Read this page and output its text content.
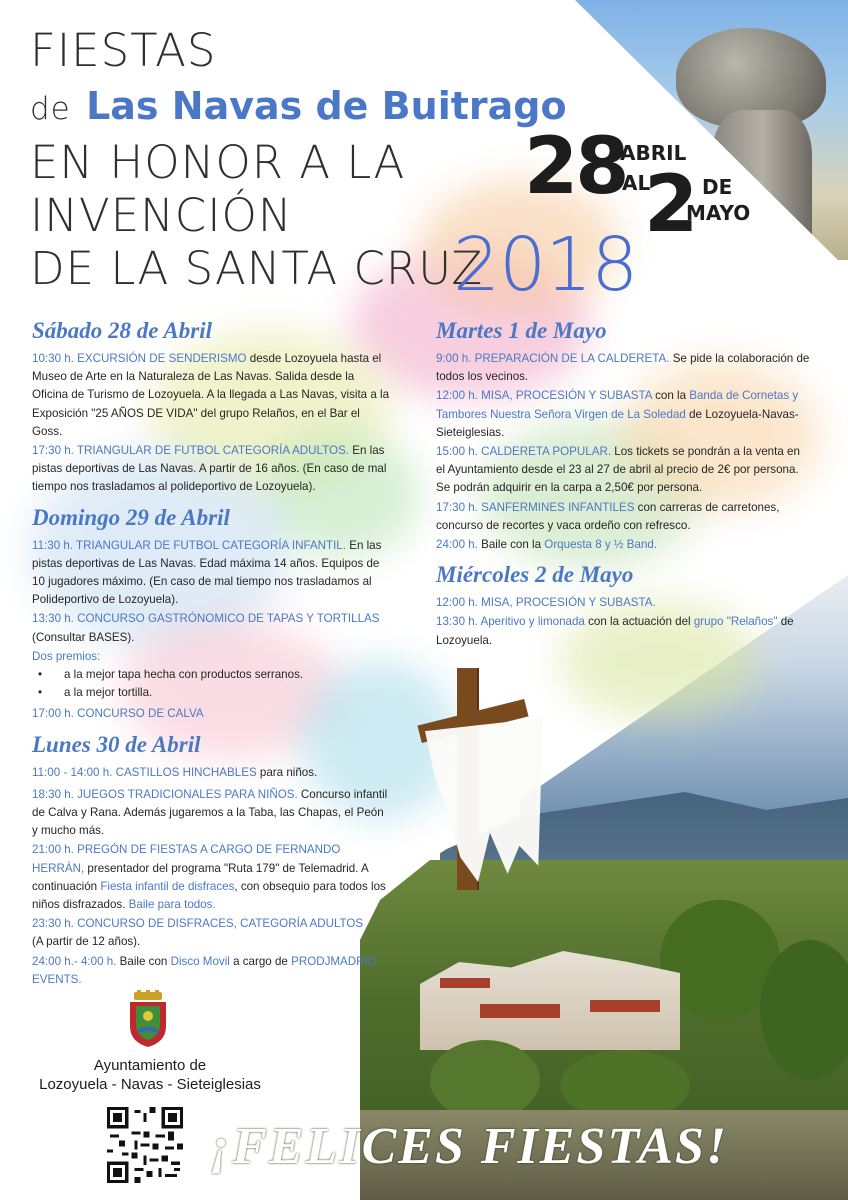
FIESTAS
de Las Navas de Buitrago
EN HONOR A LA
INVENCIÓN
DE LA SANTA CRUZ
2018
28
ABRIL
AL
2 DE
MAYO
Sábado 28 de Abril
10:30 h. EXCURSIÓN DE SENDERISMO desde Lozoyuela hasta el Museo de Arte en la Naturaleza de Las Navas. Salida desde la Oficina de Turismo de Lozoyuela. A la llegada a Las Navas, visita a la Exposición "25 AÑOS DE VIDA" del grupo Relaños, en el Bar el Goss.
17:30 h. TRIANGULAR DE FUTBOL CATEGORÍA ADULTOS. En las pistas deportivas de Las Navas. A partir de 16 años. (En caso de mal tiempo nos trasladamos al polideportivo de Lozoyuela).
Domingo 29 de Abril
11:30 h. TRIANGULAR DE FUTBOL CATEGORÍA INFANTIL. En las pistas deportivas de Las Navas. Edad máxima 14 años. Equipos de 10 jugadores máximo. (En caso de mal tiempo nos trasladamos al Polideportivo de Lozoyuela).
13:30 h. CONCURSO GASTRÓNOMICO DE TAPAS Y TORTILLAS
(Consultar BASES).
Dos premios:
•	a la mejor tapa hecha con productos serranos.
•	a la mejor tortilla.
17:00 h. CONCURSO DE CALVA
Lunes 30 de Abril
11:00 - 14:00 h. CASTILLOS HINCHABLES para niños.
18:30 h. JUEGOS TRADICIONALES PARA NIÑOS. Concurso infantil de Calva y Rana. Además jugaremos a la Taba, las Chapas, el Peón y mucho más.
21:00 h. PREGÓN DE FIESTAS A CARGO DE FERNANDO HERRÁN, presentador del programa "Ruta 179" de Telemadrid. A continuación Fiesta infantil de disfraces, con obsequio para todos los niños disfrazados. Baile para todos.
23:30 h. CONCURSO DE DISFRACES, CATEGORÍA ADULTOS
(A partir de 12 años).
24:00 h.- 4:00 h. Baile con Disco Movil a cargo de PRODJMADRID EVENTS.
Martes 1 de Mayo
9:00 h. PREPARACIÓN DE LA CALDERETA. Se pide la colaboración de todos los vecinos.
12:00 h. MISA, PROCESIÓN Y SUBASTA con la Banda de Cornetas y Tambores Nuestra Señora Virgen de La Soledad de Lozoyuela-Navas-Sieteiglesias.
15:00 h. CALDERETA POPULAR. Los tickets se pondrán a la venta en el Ayuntamiento desde el 23 al 27 de abril al precio de 2€ por persona. Se podrán adquirir en la carpa a 2,50€ por persona.
17:30 h. SANFERMINES INFANTILES con carreras de carretones, concurso de recortes y vaca ordeño con refresco.
24:00 h. Baile con la Orquesta 8 y ½ Band.
Miércoles 2 de Mayo
12:00 h. MISA, PROCESIÓN Y SUBASTA.
13:30 h. Aperitivo y limonada con la actuación del grupo "Relaños" de Lozoyuela.
Ayuntamiento de
Lozoyuela - Navas - Sieteiglesias
¡FELICES FIESTAS!
